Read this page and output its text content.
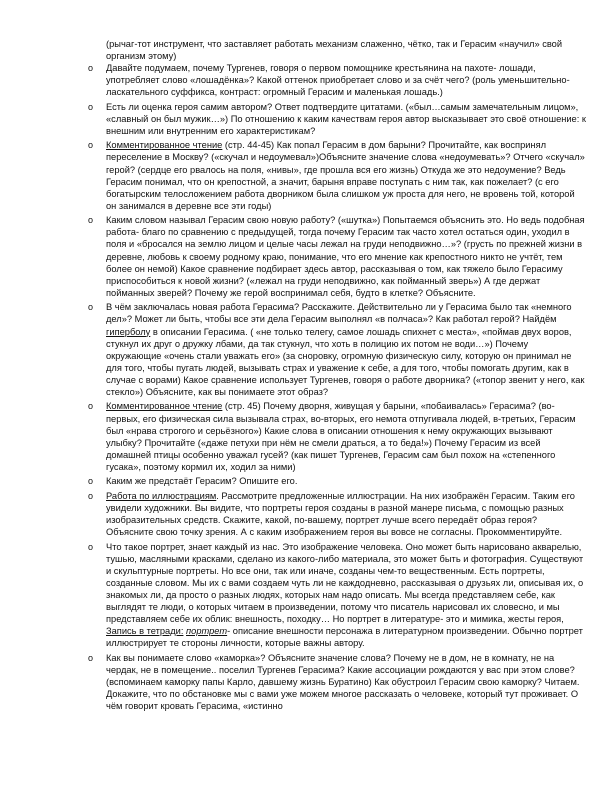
(рычаг-тот инструмент, что заставляет работать механизм слаженно, чётко, так и Герасим «научил» свой организм этому)

o Давайте подумаем, почему Тургенев, говоря о первом помощнике крестьянина на пахоте- лошади, употребляет слово «лошадёнка»? Какой оттенок приобретает слово и за счёт чего? (роль уменьшительно-ласкательного суффикса, контраст: огромный Герасим и маленькая лошадь.)
o Есть ли оценка героя самим автором? Ответ подтвердите цитатами. («был…самым замечательным лицом», «славный он был мужик…») По отношению к каким качествам героя автор высказывает это своё отношение: к внешним или внутренним его характеристикам?
o Комментированное чтение (стр. 44-45) Как попал Герасим в дом барыни? Прочитайте, как воспринял переселение в Москву? («скучал и недоумевал»)Объясните значение слова «недоумевать»? Отчего «скучал» герой? (сердце его рвалось на поля, «нивы», где прошла вся его жизнь) Откуда же это недоумение? Ведь Герасим понимал, что он крепостной, а значит, барыня вправе поступать с ним так, как пожелает? (с его богатырским телосложением работа дворником была слишком уж проста для него, не вровень той, которой он занимался в деревне все эти годы)
o Каким словом называл Герасим свою новую работу? («шутка») Попытаемся объяснить это. Но ведь подобная работа- благо по сравнению с предыдущей, тогда почему Герасим так часто хотел остаться один, уходил в поля и «бросался на землю лицом и целые часы лежал на груди неподвижно…»? (грусть по прежней жизни в деревне, любовь к своему родному краю, понимание, что его мнение как крепостного никто не учтёт, тем более он немой) Какое сравнение подбирает здесь автор, рассказывая о том, как тяжело было Герасиму приспособиться к новой жизни? («лежал на груди неподвижно, как пойманный зверь») А где держат пойманных зверей? Почему же герой воспринимал себя, будто в клетке? Объясните.
o В чём заключалась новая работа Герасима? Расскажите. Действительно ли у Герасима было так «немного дел»? Может ли быть, чтобы все эти дела Герасим выполнял «в полчаса»? Как работал герой? Найдём гиперболу в описании Герасима. ( «не только телегу, самое лошадь спихнет с места», «поймав двух воров, стукнул их друг о дружку лбами, да так стукнул, что хоть в полицию их потом не води…») Почему окружающие «очень стали уважать его» (за сноровку, огромную физическую силу, которую он принимал не для того, чтобы пугать людей, вызывать страх и уважение к себе, а для того, чтобы помогать другим, как в случае с ворами) Какое сравнение использует Тургенев, говоря о работе дворника? («топор звенит у него, как стекло») Объясните, как вы понимаете этот образ?
o Комментированное чтение (стр. 45) Почему дворня, живущая у барыни, «побаивалась» Герасима? (во-первых, его физическая сила вызывала страх, во-вторых, его немота отпугивала людей, в-третьих, Герасим был «нрава строгого и серьёзного») Какие слова в описании отношения к нему окружающих вызывают улыбку? Прочитайте («даже петухи при нём не смели драться, а то беда!») Почему Герасим из всей домашней птицы особенно уважал гусей? (как пишет Тургенев, Герасим сам был похож на «степенного гусака», поэтому кормил их, ходил за ними)
o Каким же предстаёт Герасим? Опишите его.
o Работа по иллюстрациям. Рассмотрите предложенные иллюстрации. На них изображён Герасим. Таким его увидели художники. Вы видите, что портреты героя созданы в разной манере письма, с помощью разных изобразительных средств. Скажите, какой, по-вашему, портрет лучше всего передаёт образ героя? Объясните свою точку зрения. А с каким изображением героя вы вовсе не согласны. Прокомментируйте.
o Что такое портрет, знает каждый из нас. Это изображение человека. Оно может быть нарисовано акварелью, тушью, масляными красками, сделано из какого-либо материала, это может быть и фотография. Существуют и скульптурные портреты. Но все они, так или иначе, созданы чем-то вещественным. Есть портреты, созданные словом. Мы их с вами создаем чуть ли не каждодневно, рассказывая о друзьях ли, описывая их, о знакомых ли, да просто о разных людях, которых нам надо описать. Мы всегда представляем себе, как выглядят те люди, о которых читаем в произведении, потому что писатель нарисовал их словесно, и мы представляем себе их облик: внешность, походку… Но портрет в литературе- это и мимика, жесты героя,
Запись в тетради: портрет- описание внешности персонажа в литературном произведении. Обычно портрет иллюстрирует те стороны личности, которые важны автору.
o Как вы понимаете слово «каморка»? Объясните значение слова? Почему не в дом, не в комнату, не на чердак, не в помещение.. поселил Тургенев Герасима? Какие ассоциации рождаются у вас при этом слове? (вспоминаем каморку папы Карло, давшему жизнь Буратино) Как обустроил Герасим свою каморку? Читаем. Докажите, что по обстановке мы с вами уже можем многое рассказать о человеке, который тут проживает. О чём говорит кровать Герасима, «истинно
